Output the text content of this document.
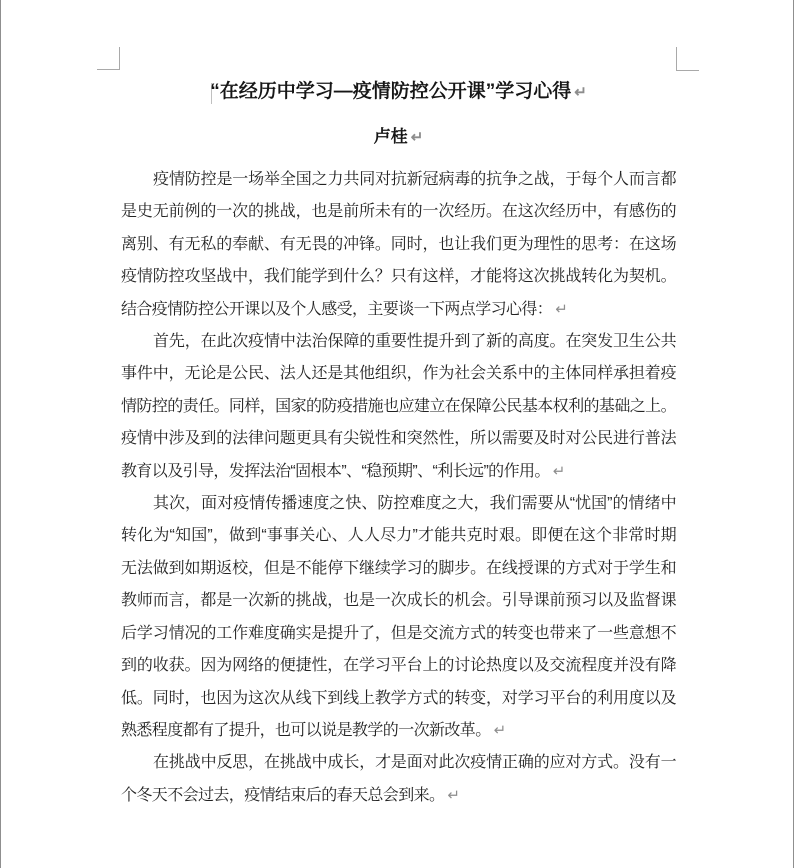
“在经历中学习—疫情防控公开课”学习心得 ↵
卢桂 ↵
疫情防控是一场举全国之力共同对抗新冠病毒的抗争之战，于每个人而言都
是史无前例的一次的挑战，也是前所未有的一次经历。在这次经历中，有感伤的
离别、有无私的奉献、有无畏的冲锋。同时，也让我们更为理性的思考：在这场
疫情防控攻坚战中，我们能学到什么？只有这样，才能将这次挑战转化为契机。
结合疫情防控公开课以及个人感受，主要谈一下两点学习心得： ↵
首先，在此次疫情中法治保障的重要性提升到了新的高度。在突发卫生公共
事件中，无论是公民、法人还是其他组织，作为社会关系中的主体同样承担着疫
情防控的责任。同样，国家的防疫措施也应建立在保障公民基本权利的基础之上。
疫情中涉及到的法律问题更具有尖锐性和突然性，所以需要及时对公民进行普法
教育以及引导，发挥法治“固根本”、“稳预期”、“利长远”的作用。 ↵
其次，面对疫情传播速度之快、防控难度之大，我们需要从“忧国”的情绪中
转化为“知国”，做到“事事关心、人人尽力”才能共克时艰。即便在这个非常时期
无法做到如期返校，但是不能停下继续学习的脚步。在线授课的方式对于学生和
教师而言，都是一次新的挑战，也是一次成长的机会。引导课前预习以及监督课
后学习情况的工作难度确实是提升了，但是交流方式的转变也带来了一些意想不
到的收获。因为网络的便捷性，在学习平台上的讨论热度以及交流程度并没有降
低。同时，也因为这次从线下到线上教学方式的转变，对学习平台的利用度以及
熟悉程度都有了提升，也可以说是教学的一次新改革。 ↵
在挑战中反思，在挑战中成长，才是面对此次疫情正确的应对方式。没有一
个冬天不会过去，疫情结束后的春天总会到来。 ↵
